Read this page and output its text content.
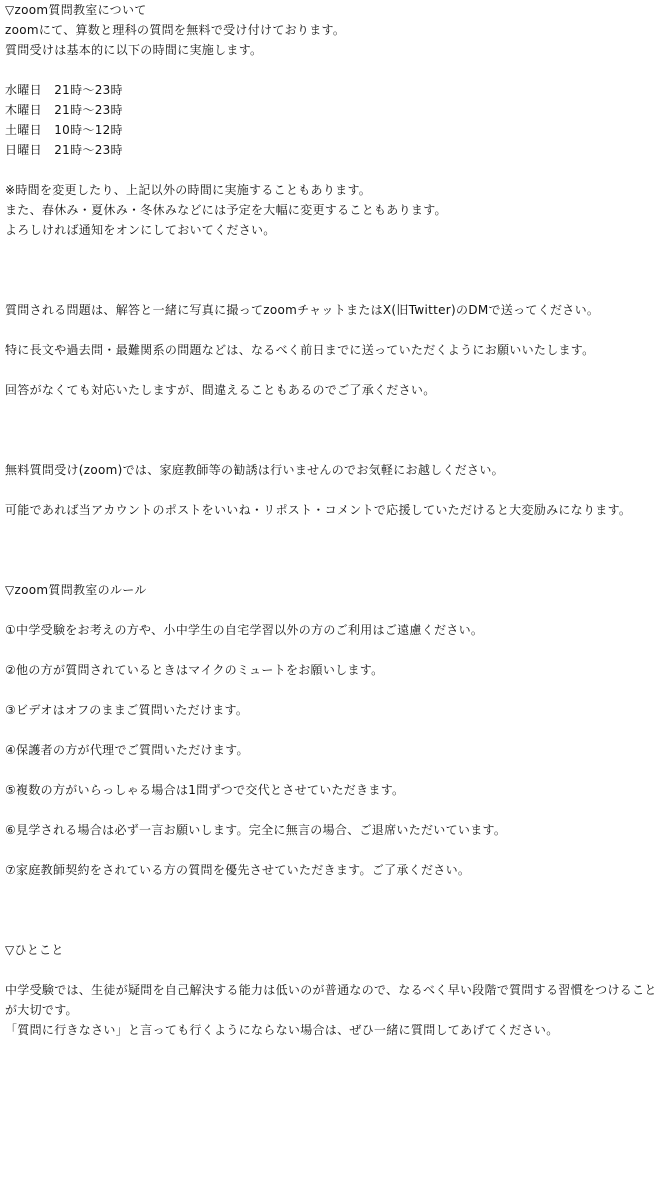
▽zoom質問教室について
zoomにて、算数と理科の質問を無料で受け付けております。
質問受けは基本的に以下の時間に実施します。
水曜日　 21時～23時
木曜日　 21時～23時
土曜日　 10時～12時
日曜日　 21時～23時
※時間を変更したり、上記以外の時間に実施することもあります。
また、春休み・夏休み・冬休みなどには予定を大幅に変更することもあります。
よろしければ通知をオンにしておいてください。
質問される問題は、解答と一緒に写真に撮ってzoomチャットまたはX(旧Twitter)のDMで送ってください。
特に長文や過去問・最難関系の問題などは、なるべく前日までに送っていただくようにお願いいたします。
回答がなくても対応いたしますが、間違えることもあるのでご了承ください。
無料質問受け(zoom)では、家庭教師等の勧誘は行いませんのでお気軽にお越しください。
可能であれば当アカウントのポストをいいね・リポスト・コメントで応援していただけると大変励みになります。
▽zoom質問教室のルール
①中学受験をお考えの方や、小中学生の自宅学習以外の方のご利用はご遠慮ください。
②他の方が質問されているときはマイクのミュートをお願いします。
③ビデオはオフのままご質問いただけます。
④保護者の方が代理でご質問いただけます。
⑤複数の方がいらっしゃる場合は1問ずつで交代とさせていただきます。
⑥見学される場合は必ず一言お願いします。完全に無言の場合、ご退席いただいています。
⑦家庭教師契約をされている方の質問を優先させていただきます。ご了承ください。
▽ひとこと
中学受験では、生徒が疑問を自己解決する能力は低いのが普通なので、なるべく早い段階で質問する習慣をつけることが大切です。
「質問に行きなさい」と言っても行くようにならない場合は、ぜひ一緒に質問してあげてください。
